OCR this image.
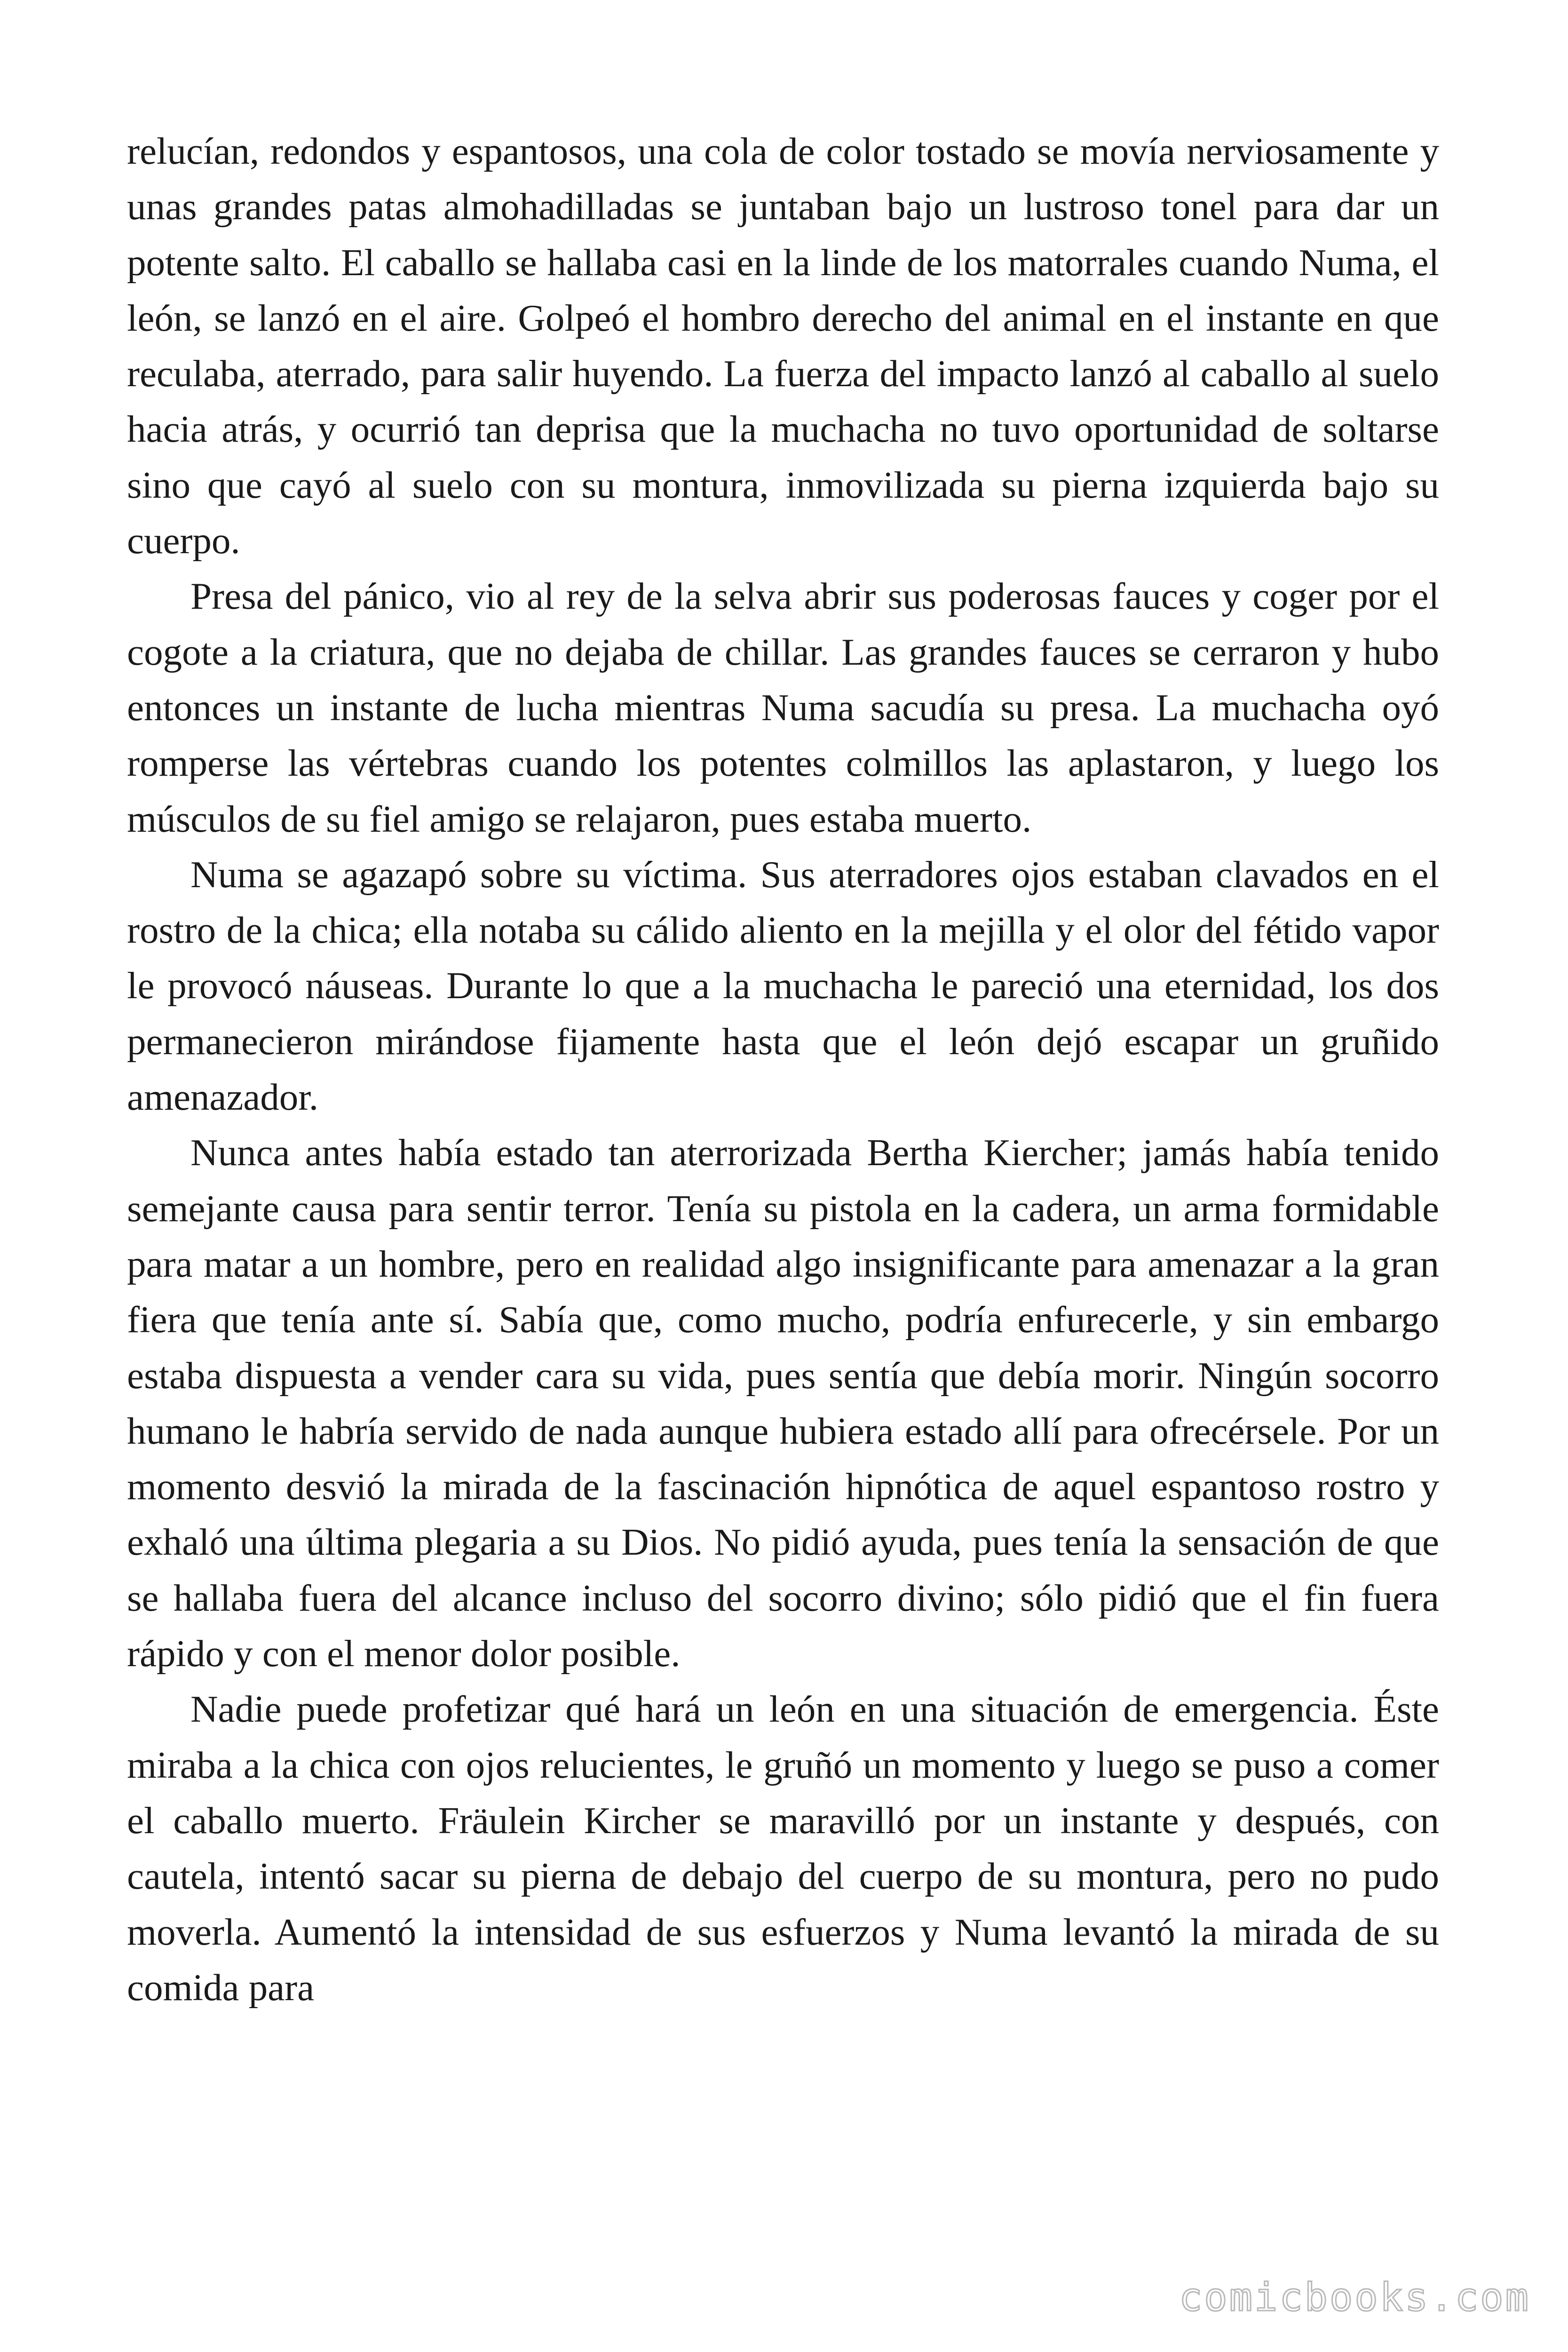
relucían, redondos y espantosos, una cola de color tostado se movía nerviosamente y unas grandes patas almohadilladas se juntaban bajo un lustroso tonel para dar un potente salto. El caballo se hallaba casi en la linde de los matorrales cuando Numa, el león, se lanzó en el aire. Golpeó el hombro derecho del animal en el instante en que reculaba, aterrado, para salir huyendo. La fuerza del impacto lanzó al caballo al suelo hacia atrás, y ocurrió tan deprisa que la muchacha no tuvo oportunidad de soltarse sino que cayó al suelo con su montura, inmovilizada su pierna izquierda bajo su cuerpo.

Presa del pánico, vio al rey de la selva abrir sus poderosas fauces y coger por el cogote a la criatura, que no dejaba de chillar. Las grandes fauces se cerraron y hubo entonces un instante de lucha mientras Numa sacudía su presa. La muchacha oyó romperse las vértebras cuando los potentes colmillos las aplastaron, y luego los músculos de su fiel amigo se relajaron, pues estaba muerto.

Numa se agazapó sobre su víctima. Sus aterradores ojos estaban clavados en el rostro de la chica; ella notaba su cálido aliento en la mejilla y el olor del fétido vapor le provocó náuseas. Durante lo que a la muchacha le pareció una eternidad, los dos permanecieron mirándose fijamente hasta que el león dejó escapar un gruñido amenazador.

Nunca antes había estado tan aterrorizada Bertha Kiercher; jamás había tenido semejante causa para sentir terror. Tenía su pistola en la cadera, un arma formidable para matar a un hombre, pero en realidad algo insignificante para amenazar a la gran fiera que tenía ante sí. Sabía que, como mucho, podría enfurecerle, y sin embargo estaba dispuesta a vender cara su vida, pues sentía que debía morir. Ningún socorro humano le habría servido de nada aunque hubiera estado allí para ofrecérsele. Por un momento desvió la mirada de la fascinación hipnótica de aquel espantoso rostro y exhaló una última plegaria a su Dios. No pidió ayuda, pues tenía la sensación de que se hallaba fuera del alcance incluso del socorro divino; sólo pidió que el fin fuera rápido y con el menor dolor posible.

Nadie puede profetizar qué hará un león en una situación de emergencia. Éste miraba a la chica con ojos relucientes, le gruñó un momento y luego se puso a comer el caballo muerto. Fräulein Kircher se maravilló por un instante y después, con cautela, intentó sacar su pierna de debajo del cuerpo de su montura, pero no pudo moverla. Aumentó la intensidad de sus esfuerzos y Numa levantó la mirada de su comida para

comicbooks.com
